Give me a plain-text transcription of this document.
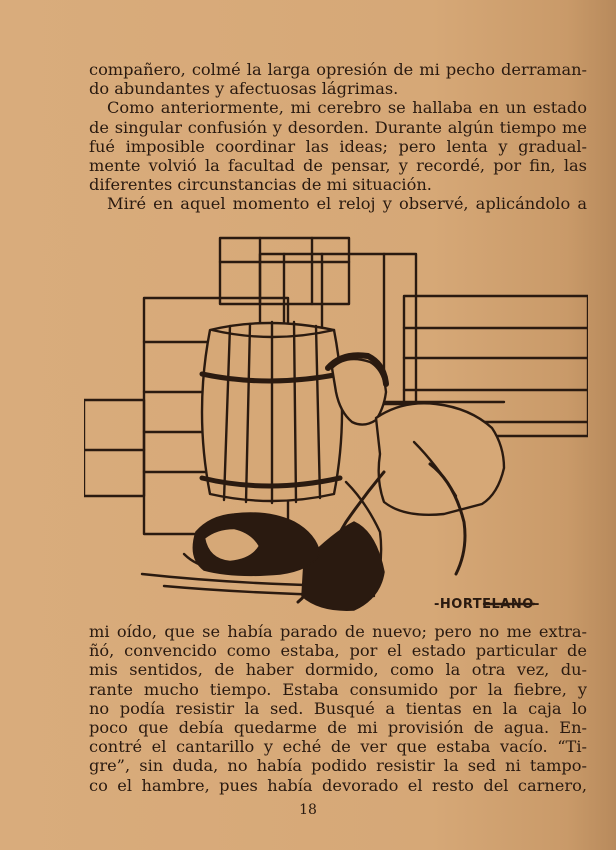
compañero, colmé la larga opresión de mi pecho derraman-
do abundantes y afectuosas lágrimas.

Como anteriormente, mi cerebro se hallaba en un estado
de singular confusión y desorden. Durante algún tiempo me
fué imposible coordinar las ideas; pero lenta y gradual-
mente volvió la facultad de pensar, y recordé, por fin, las
diferentes circunstancias de mi situación.

Miré en aquel momento el reloj y observé, aplicándolo a

-HORTELANO-

mi oído, que se había parado de nuevo; pero no me extra-
ñó, convencido como estaba, por el estado particular de
mis sentidos, de haber dormido, como la otra vez, du-
rante mucho tiempo. Estaba consumido por la fiebre, y
no podía resistir la sed. Busqué a tientas en la caja lo
poco que debía quedarme de mi provisión de agua. En-
contré el cantarillo y eché de ver que estaba vacío. “Ti-
gre”, sin duda, no había podido resistir la sed ni tampo-
co el hambre, pues había devorado el resto del carnero,

18
